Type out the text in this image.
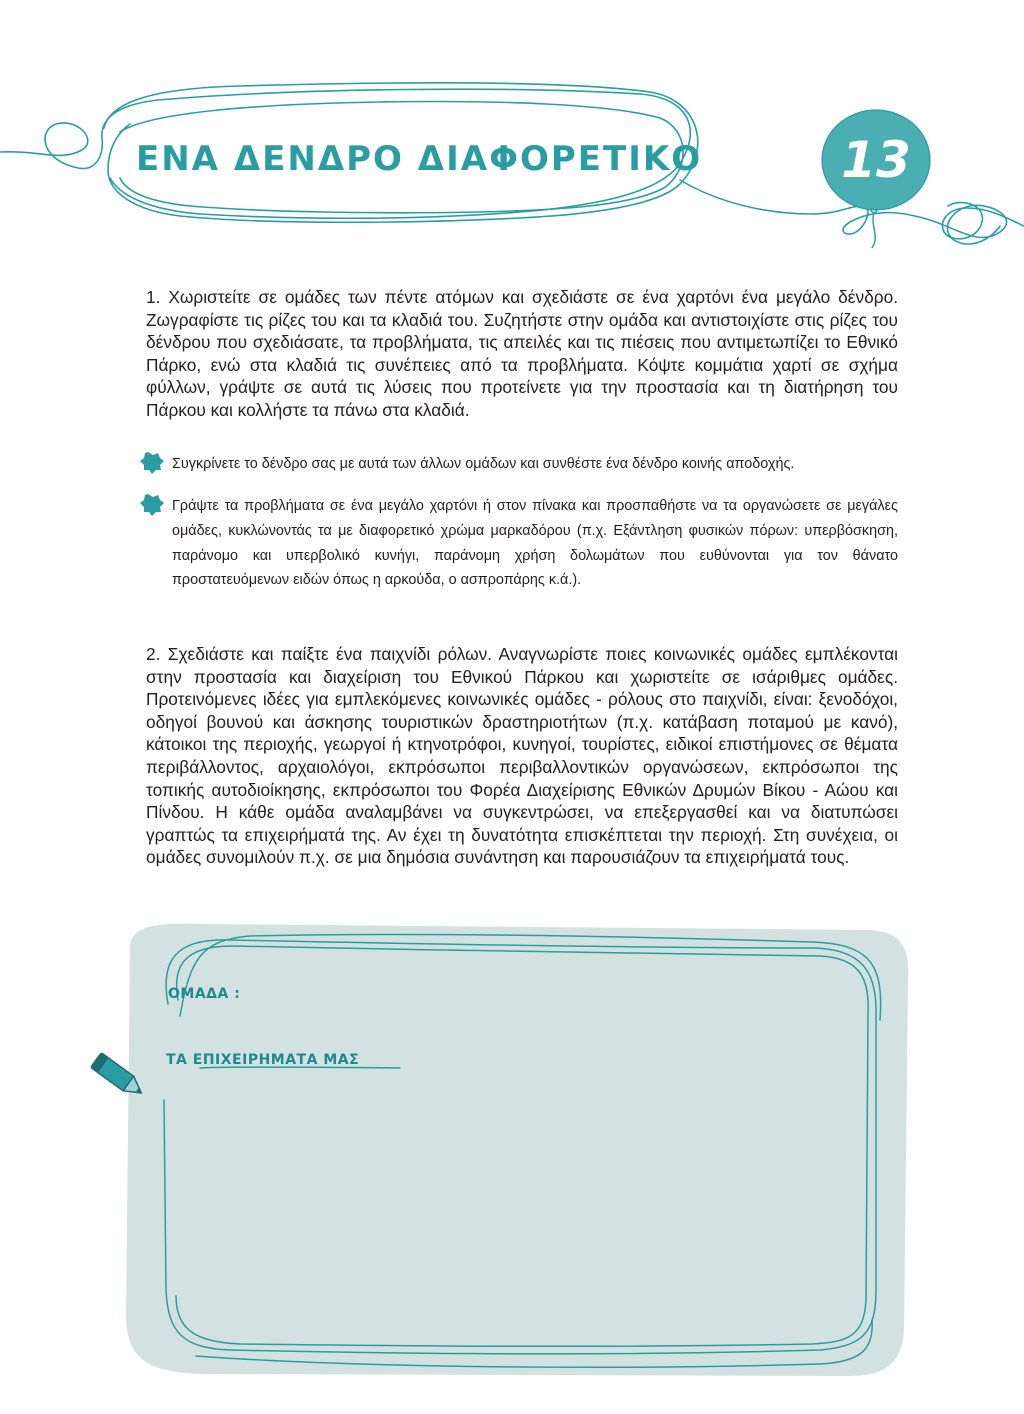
ΕΝΑ ΔΕΝΔΡΟ ΔΙΑΦΟΡΕΤΙΚΟ	13

1. Χωριστείτε σε ομάδες των πέντε ατόμων και σχεδιάστε σε ένα χαρτόνι ένα μεγάλο δένδρο. Ζωγραφίστε τις ρίζες του και τα κλαδιά του. Συζητήστε στην ομάδα και αντιστοιχίστε στις ρίζες του δένδρου που σχεδιάσατε, τα προβλήματα, τις απειλές και τις πιέσεις που αντιμετωπίζει το Εθνικό Πάρκο, ενώ στα κλαδιά τις συνέπειες από τα προβλήματα. Κόψτε κομμάτια χαρτί σε σχήμα φύλλων, γράψτε σε αυτά τις λύσεις που προτείνετε για την προστασία και τη διατήρηση του Πάρκου και κολλήστε τα πάνω στα κλαδιά.

Συγκρίνετε το δένδρο σας με αυτά των άλλων ομάδων και συνθέστε ένα δένδρο κοινής αποδοχής.

Γράψτε τα προβλήματα σε ένα μεγάλο χαρτόνι ή στον πίνακα και προσπαθήστε να τα οργανώσετε σε μεγάλες ομάδες, κυκλώνοντάς τα με διαφορετικό χρώμα μαρκαδόρου (π.χ. Εξάντληση φυσικών πόρων: υπερβόσκηση, παράνομο και υπερβολικό κυνήγι, παράνομη χρήση δολωμάτων που ευθύνονται για τον θάνατο προστατευόμενων ειδών όπως η αρκούδα, ο ασπροπάρης κ.ά.).

2. Σχεδιάστε και παίξτε ένα παιχνίδι ρόλων. Αναγνωρίστε ποιες κοινωνικές ομάδες εμπλέκονται στην προστασία και διαχείριση του Εθνικού Πάρκου και χωριστείτε σε ισάριθμες ομάδες. Προτεινόμενες ιδέες για εμπλεκόμενες κοινωνικές ομάδες - ρόλους στο παιχνίδι, είναι: ξενοδόχοι, οδηγοί βουνού και άσκησης τουριστικών δραστηριοτήτων (π.χ. κατάβαση ποταμού με κανό), κάτοικοι της περιοχής, γεωργοί ή κτηνοτρόφοι, κυνηγοί, τουρίστες, ειδικοί επιστήμονες σε θέματα περιβάλλοντος, αρχαιολόγοι, εκπρόσωποι περιβαλλοντικών οργανώσεων, εκπρόσωποι της τοπικής αυτοδιοίκησης, εκπρόσωποι του Φορέα Διαχείρισης Εθνικών Δρυμών Βίκου - Αώου και Πίνδου. Η κάθε ομάδα αναλαμβάνει να συγκεντρώσει, να επεξεργασθεί και να διατυπώσει γραπτώς τα επιχειρήματά της. Αν έχει τη δυνατότητα επισκέπτεται την περιοχή. Στη συνέχεια, οι ομάδες συνομιλούν π.χ. σε μια δημόσια συνάντηση και παρουσιάζουν τα επιχειρήματά τους.

ΟΜΑΔΑ :
ΤΑ ΕΠΙΧΕΙΡΗΜΑΤΑ ΜΑΣ
